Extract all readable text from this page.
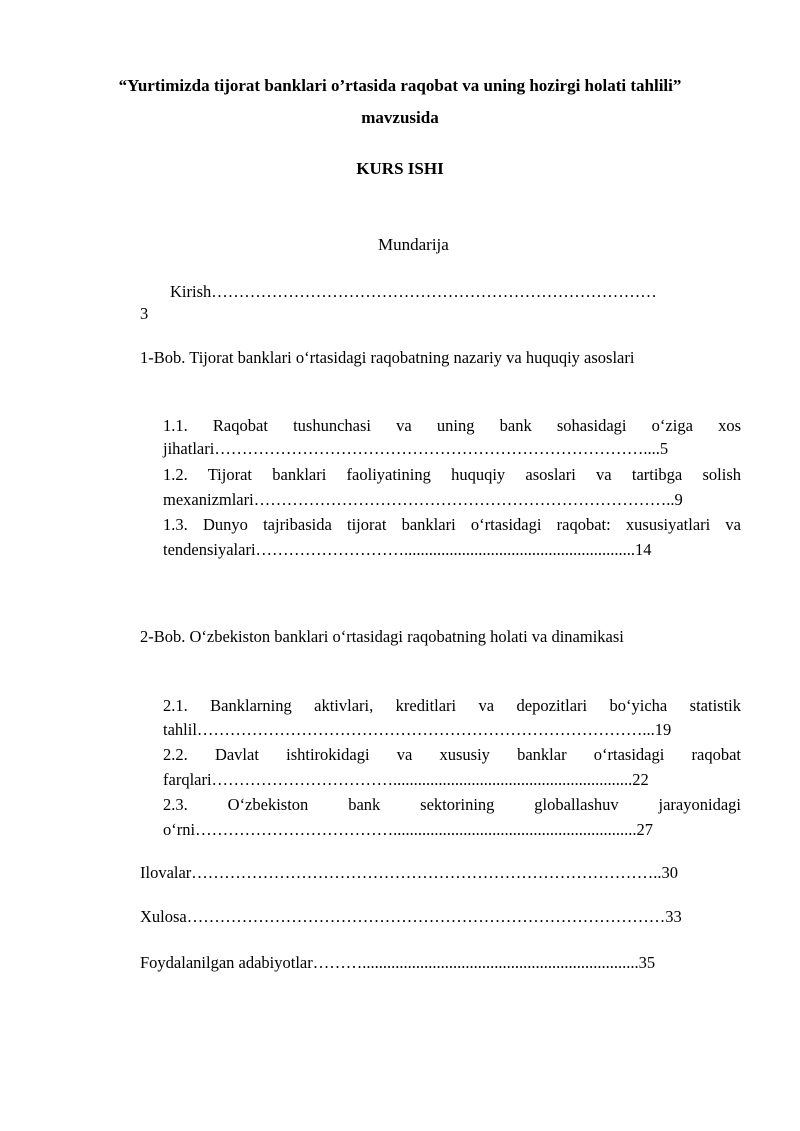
“Yurtimizda tijorat banklari o’rtasida raqobat va uning hozirgi holati tahlili”
mavzusida
KURS ISHI
Mundarija
Kirish………………………………………………………………………
3
1-Bob. Tijorat banklari o‘rtasidagi raqobatning nazariy va huquqiy asoslari
1.1. Raqobat tushunchasi va uning bank sohasidagi o‘ziga xos
jihatlari……………………………………………………………………....5
1.2. Tijorat banklari faoliyatining huquqiy asoslari va tartibga solish
mexanizmlari…………………………………………………………………..9
1.3. Dunyo tajribasida tijorat banklari o‘rtasidagi raqobat: xususiyatlari va
tendensiyalari………………………........................................................14
2-Bob. O‘zbekiston banklari o‘rtasidagi raqobatning holati va dinamikasi
2.1. Banklarning aktivlari, kreditlari va depozitlari bo‘yicha statistik
tahlil………………………………………………………………………...19
2.2. Davlat ishtirokidagi va xususiy banklar o‘rtasidagi raqobat
farqlari……………………………..........................................................22
2.3. O‘zbekiston bank sektorining globallashuv jarayonidagi
o‘rni………………………………...........................................................27
Ilovalar…………………………………………………………………………..30
Xulosa……………………………………………………………………………33
Foydalanilgan adabiyotlar………...................................................................35
